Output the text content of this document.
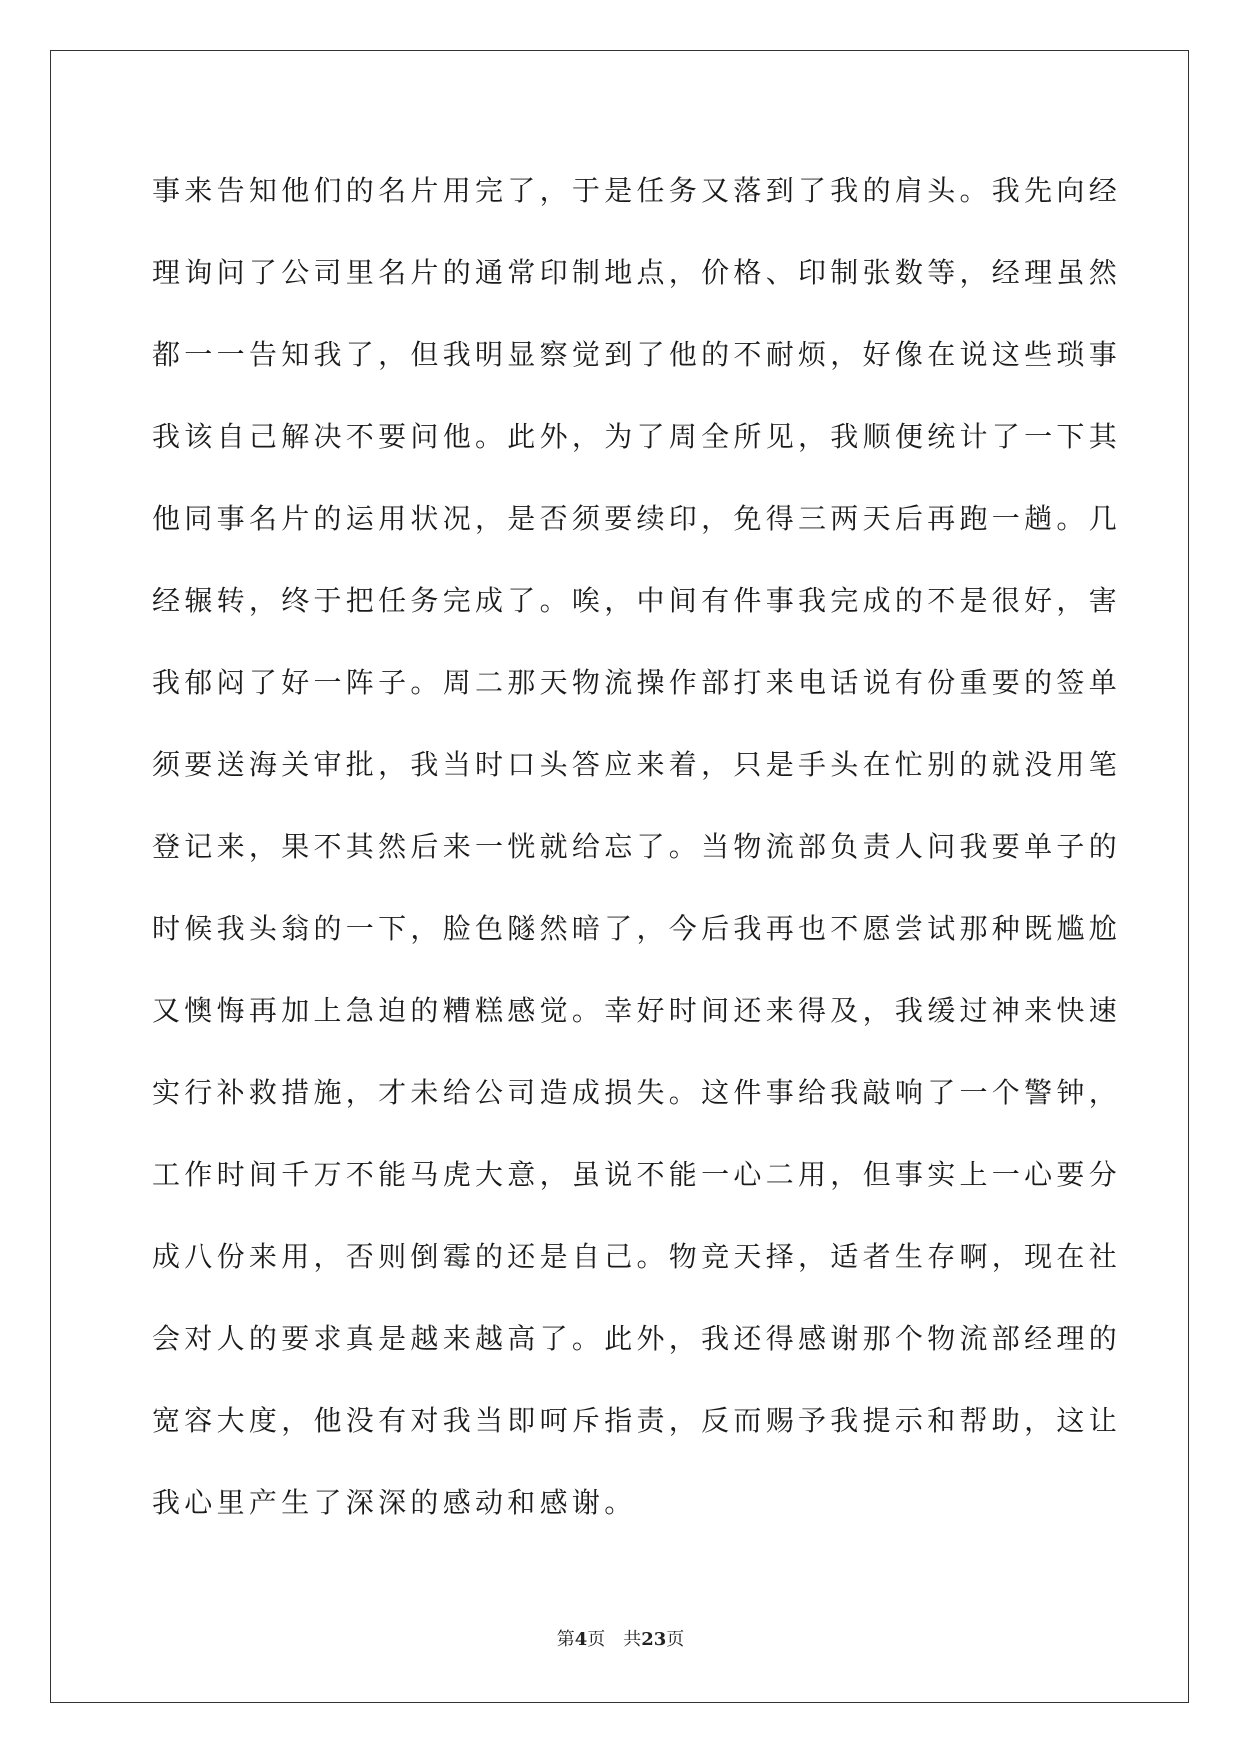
事来告知他们的名片用完了，于是任务又落到了我的肩头。我先向经
理询问了公司里名片的通常印制地点，价格、印制张数等，经理虽然
都一一告知我了，但我明显察觉到了他的不耐烦，好像在说这些琐事
我该自己解决不要问他。此外，为了周全所见，我顺便统计了一下其
他同事名片的运用状况，是否须要续印，免得三两天后再跑一趟。几
经辗转，终于把任务完成了。唉，中间有件事我完成的不是很好，害
我郁闷了好一阵子。周二那天物流操作部打来电话说有份重要的签单
须要送海关审批，我当时口头答应来着，只是手头在忙别的就没用笔
登记来，果不其然后来一恍就给忘了。当物流部负责人问我要单子的
时候我头翁的一下，脸色隧然暗了，今后我再也不愿尝试那种既尴尬
又懊悔再加上急迫的糟糕感觉。幸好时间还来得及，我缓过神来快速
实行补救措施，才未给公司造成损失。这件事给我敲响了一个警钟，
工作时间千万不能马虎大意，虽说不能一心二用，但事实上一心要分
成八份来用，否则倒霉的还是自己。物竞天择，适者生存啊，现在社
会对人的要求真是越来越高了。此外，我还得感谢那个物流部经理的
宽容大度，他没有对我当即呵斥指责，反而赐予我提示和帮助，这让
我心里产生了深深的感动和感谢。
第4页 共23页
